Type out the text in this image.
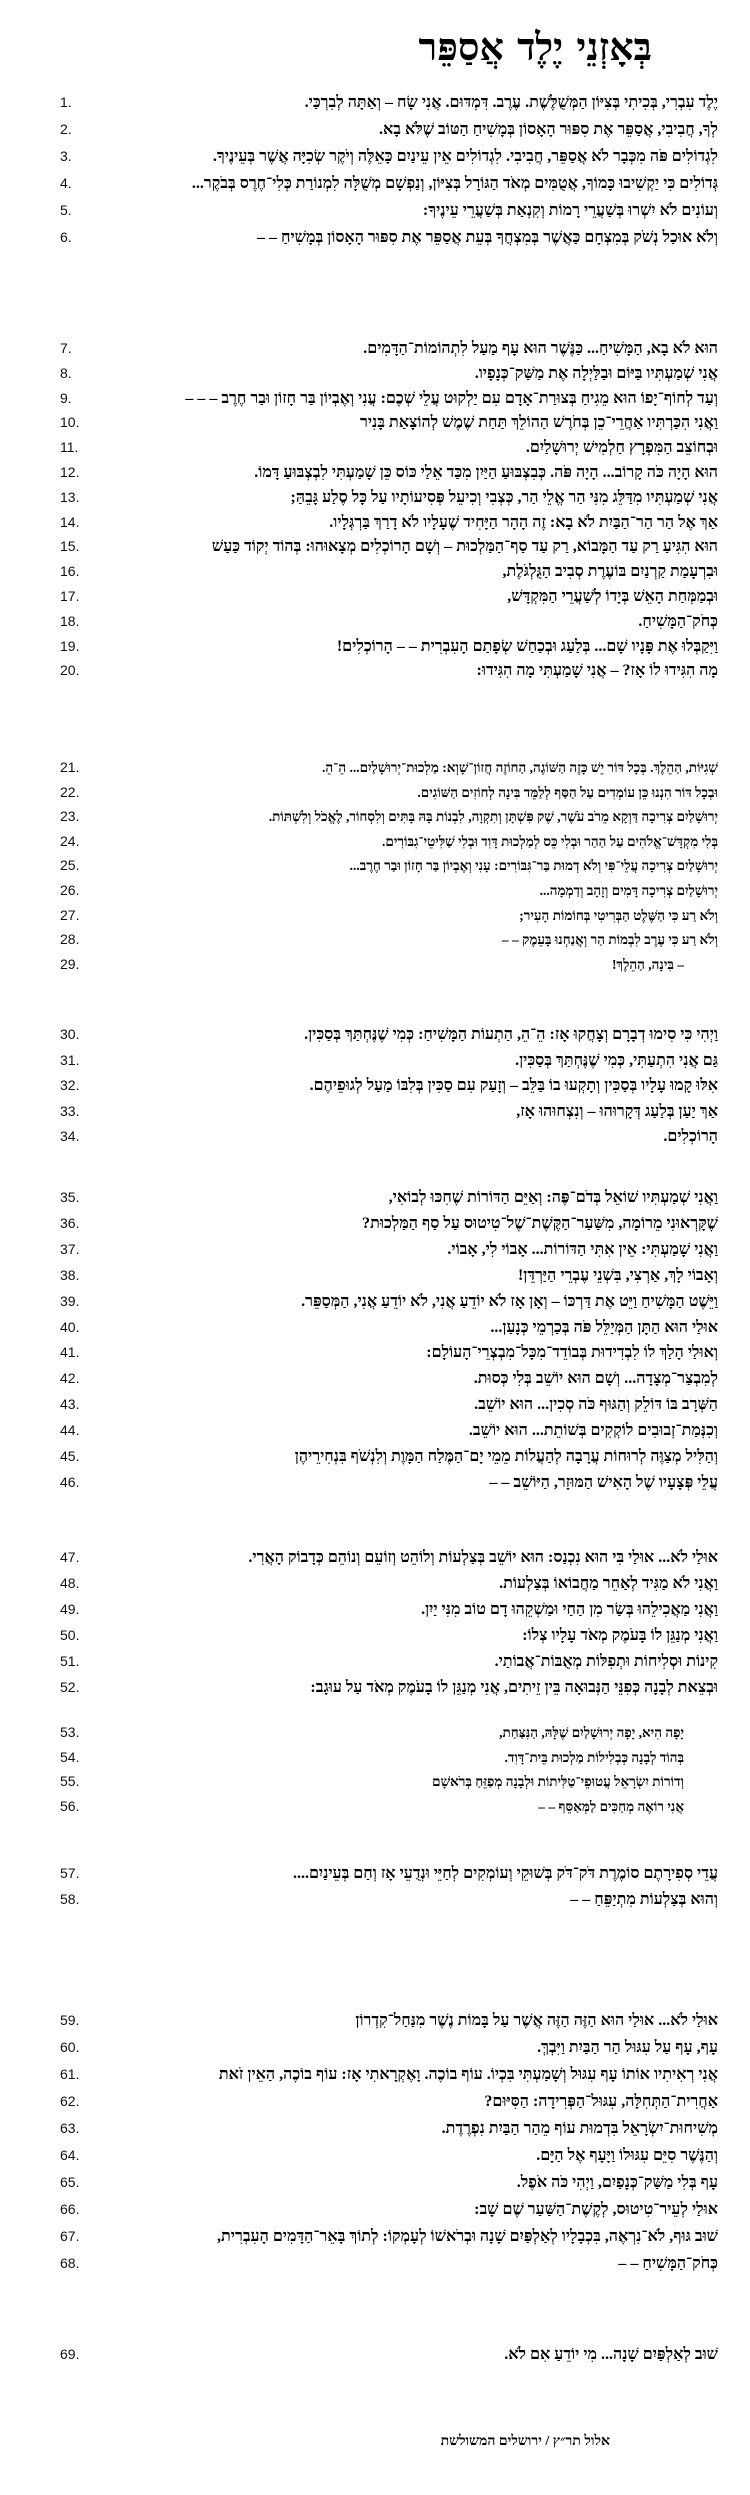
בְּאָזְנֵי יֶלֶד אֲסַפֵּר
1.	יֶלֶד עִבְרִי, בְּכִיתִי בְּצִיּוֹן הַמְּשֻׁלֶּשֶׁת. עֶרֶב. דִּמְדּוּם. אֲנִי שָׂח – וְאַתָּה לְבִרְכַּי.
2.	לְךָ, חֲבִיבִי, אֲסַפֵּר אֶת סִפּוּר הָאָסוֹן בְּמָשִׁיחַ הַטּוֹב שֶׁלֹּא בָא.
3.	לִגְדוֹלִים פֹּה מִכְּבָר לֹא אֲסַפֵּר, חֲבִיבִי. לִגְדוֹלִים אֵין עֵינַיִם כָּאֵלֶּה וְיֹקֶר שְׂכִיָּה אֲשֶׁר בְּעֵינֶיךָ.
4.	גְּדוֹלִים כִּי יַקְשִׁיבוּ כָּמוֹךָ, אֲטֻמִּים מְאֹד הַגּוֹרָל בְּצִיּוֹן, וְנַפְשָׁם מְשֻׁלָּה לִמְנוֹרַת כְּלִי־חֶרֶס בְּבֹקֶר...
5.	וְעוֹנִים לֹא יִשְׁרוּ בְּשַׁעֲרֵי רָמוֹת וְקִנְאַת בְּשַׁעֲרֵי עֵינֶיךָ:
6.	וְלֹא אוּכַל נְשֹׁק בְּמִצְחָם כַּאֲשֶׁר בְּמִצְחֲךָ בְּעֵת אֲסַפֵּר אֶת סִפּוּר הָאָסוֹן בְּמָשִׁיחַ – –
7.	הוּא לֹא בָא, הַמָּשִׁיחַ... כַּנֶּשֶׁר הוּא עָף מַעַל לִתְהוֹמוֹת־הַדָּמִים.
8.	אֲנִי שְׁמַעְתִּיו בַּיּוֹם וּבַלַּיְלָה אֶת מַשַּׁק־כְּנָפָיו.
9.	וְעַד לְחוֹף־יָפוֹ הוּא מֵגִיחַ בְּצוּרַת־אָדָם עִם יַלְקוּט עֲלֵי שְׁכֶם: עֲנִי וְאֶבְיוֹן בַּר חָזוֹן וּבַר חֶרֶב – – –
10.	וַאֲנִי הִכַּרְתִּיו אַחֲרֵי־כֵן בְּחֹרֶשׁ הַהוֹלֵךְ תַּחַת שֶׁמֶשׁ לְהוֹצָאַת בָּנִיר
11.	וּבְחוֹצֵב הַמִּפְרָץ חַלְמִישׁ יְרוּשָׁלַיִם.
12.	הוּא הָיָה כֹּה קָרוֹב... הָיָה פֹּה. כְּבִצְבּוּעַ הַיַּיִן מִכַּד אֵלַי כּוֹס כֵּן שָׁמַעְתִּי לִבְצְבּוּעַ דָּמוֹ.
13.	אֲנִי שְׁמַעְתִּיו מִדַּלֵּג מִנִּי הַר אֱלֵי הַר, כְּצְבִי וְכִיעֵל פְּסִיעוֹתָיו עַל כָּל סֶלַע גָּבֵהַּ;
14.	אַךְ אֶל הַר הַר־הַבַּיִת לֹא בָא: זֶה הָהָר הַיָּחִיד שֶׁעָלָיו לֹא דָרַךְ בַּרְגְּלָיו.
15.	הוּא הִגִּיעַ רַק עַד הַמָּבוֹא, רַק עַד סַף־הַמַּלְכוּת – וְשָׁם הָרוֹכְלִים מְצָאוּהוּ: בְּהוֹד יְקוֹד כַּעַשׁ
16.	וּבִרְעָמַת קַרְנַיִם בּוֹעֶרֶת סְבִיב הַגֻּלְגֹּלֶת,
17.	וּבְמַמְּחַת הָאֵשׁ בְּיָדוֹ לְשַׁעֲרֵי הַמִּקְדָּשׁ,
18.	כְּחֹק־הַמָּשִׁיחַ.
19.	וַיִּקַבְּלוּ אֶת פָּנָיו שָׁם... בְּלַעַג וּבְכַחַשׁ שְׂפָתַם הָעִבְרִית – – הָרוֹכְלִים!
20.	מָה הִגִּידוּ לוֹ אָז? – אֲנִי שָׁמַעְתִּי מָה הִגִּידוּ:
21.	שְׁגִיּוֹת, הַהֵלֶךְ. בְּכָל דּוֹר יֵשׁ כָּזֶה הַשּׁוֹגֶה, הַחוֹזֶה חֲזוֹן־שָׁוְא: מַלְכוּת־יְרוּשָׁלַיִם... הֵ־הֵ.
22.	וּבְכָל דּוֹר הִנְנוּ כֵּן עוֹמְדִים עַל הַסַּף לְלַמֵּד בִּינָה לְחוֹזִים הַשּׁוֹגִים.
23.	יְרוּשָׁלַיִם צְרִיכָה דַּוְקָא מֵרֹב עֹשֶׁר, שֶׁק פִּשְׁתָּן וְתִקְוָה, לִבְנוֹת בָּהּ בָּתִּים וְלִסְחוֹר, לֶאֱכֹל וְלִשְׁתּוֹת.
24.	בְּלִי מִקְדָּשׁ־אֱלֹהִים עַל הַהַר וּבְלִי כֵּס לְמַלְכוּת דָּוִד וּבְלִי שַׁלִּיטֵי־גִבּוֹרִים.
25.	יְרוּשָׁלַיִם צְרִיכָה עֲלֵי־פִּי וְלֹא דְמוּת בַּר־גִּבּוֹרִים: עָנִי וְאֶבְיוֹן בַּר חָזוֹן וּבַר חֶרֶב...
26.	יְרוּשָׁלַיִם צְרִיכָה דָּמִים וְזָהָב וְדַמְמָה...
27.	וְלֹא רַע כִּי הַשֶּׁלֶט הַבְּרִיטִי בְּחוֹמוֹת הָעִיר;
28.	וְלֹא רַע כִּי עֶרֶב לִבְמוֹת הַר וְאֲנַחְנוּ בָּעֵמֶק – –
29.	– בִּינָה, הַהֵלֶךְ!
30.	וַיְהִי כִּי סִימוּ דְבָרָם וְצָחֲקוּ אָז: הֵ־הֵ, הַתְעוֹת הַמָּשִׁיחַ: כְּמִי שֶׁנֶּחְתַּךְ בְּסַכִּין.
31.	גַּם אֲנִי הִתְעַתִּי, כְּמִי שֶׁנֶּחְתַּךְ בְּסַכִּין.
32.	אִלּוּ קָמוּ עָלָיו בְּסַכִּין וְתָקְעוּ בוֹ בַּלֵּב – וְזָעַק עִם סַכִּין בְּלִבּוֹ מַעַל לְגוּפֵיהֶם.
33.	אַךְ יַעַן בְּלַעַג דְּקָרוּהוּ – וְנִצְחוּהוּ אָז,
34.	הָרוֹכְלִים.
35.	וַאֲנִי שְׁמַעְתִּיו שׁוֹאֵל בְּדֹם־פֶּה: וְאַיֵּם הַדּוֹרוֹת שֶׁחִכּוּ לְבוֹאִי,
36.	שֶׁקָּרְאוּנִי מֵרוֹמָה, מִשַּׁעַר־הַקֶּשֶׁת־שֶׁל־טִיטוּס עַל סַף הַמַּלְכוּת?
37.	וַאֲנִי שָׁמַעְתִּי: אֵין אִתִּי הַדּוֹרוֹת... אָבוֹי לִי, אָבוֹי.
38.	וְאָבוֹי לָךְ, אַרְצִי, בִּשְׁנֵי עֶבְרֵי הַיַּרְדֵּן!
39.	וַיֵּשֶׁט הַמָּשִׁיחַ וַיֵּט אֶת דַּרְכּוֹ – וְאָן אָז לֹא יוֹדֵעַ אֲנִי, לֹא יוֹדֵעַ אֲנִי, הַמְּסַפֵּר.
40.	אוּלַי הוּא הַתָּן הַמְּיַלֵּל פֹּה בְּכַרְמֵי כְּנָעַן...
41.	וְאוּלַי הָלַךְ לוֹ לִבְדִידוּת בְּבוֹדֵד־מִכָּל־מִבְצְרֵי־הָעוֹלָם:
42.	לְמִבְצַר־מְצָדָה... וְשָׁם הוּא יוֹשֵׁב בְּלִי כְּסוּת.
43.	הַשְּׁרָב בּוֹ דּוֹלֵק וְהַגּוּף כֹּה סְכִין... הוּא יוֹשֵׁב.
44.	וְכִנְּמַת־זְבוּבִים לוֹקְקִים בְּשׁוֹתֵת... הוּא יוֹשֵׁב.
45.	וְהַלִּיל מְצַוֶּה לְרוּחוֹת עֲרָבָה לְהַעֲלוֹת מֵמֵי יָם־הַמֶּלַח הַמָּוֶת וְלִנְשֹׁף בִּנְחִירֵיהֶן
46.	עֲלֵי פְּצָעָיו שֶׁל הָאִישׁ הַמּוּזָר, הַיּוֹשֵׁב – –
47.	אוּלַי לֹא... אוּלַי בִּי הוּא נִכְנַס: הוּא יוֹשֵׁב בְּצַלְעוֹת וְלוֹהֵט וְזוֹעֵם וְנוֹהֵם כְּדָבוֹק הָאֲרִי.
48.	וַאֲנִי לֹא מַגִּיד לְאַחֵר מַחֲבוֹאוֹ בְּצַלְעוֹת.
49.	וַאֲנִי מַאֲכִילֵהוּ בְּשַׂר מִן הַחַי וּמַשְׁקֵהוּ דָם טוֹב מִנִּי יַיִן.
50.	וַאֲנִי מְנַגֵּן לוֹ בָּעֹמֶק מְאֹד עָלָיו צְלוֹ:
51.	קִינוֹת וּסְלִיחוֹת וּתְפִלּוֹת מְאֻבּוֹת־אֲבוֹתַי.
52.	וּבְצֵאת לְבָנָה כְּפִנֵּי הַנְּבוּאָה בֵּין זֵיתִים, אֲנִי מְנַגֵּן לוֹ בָעֹמֶק מְאֹד עַל עוּגָב:
53.	יָפָה הִיא, יָפָה יְרוּשָׁלַיִם שֶׁלָּהּ, הַנִּצַּחַת,
54.	בְּהוֹד לְבָנָה כְּבְלִילוֹת מַלְכוּת בֵּית־דָּוִד.
55.	וְדוֹרוֹת יִשְׂרָאֵל עֲטוּפֵי־טַלִּיתוֹת וּלְבָנָה מְפַזֵּחַ בְּרֹאשָׁם
56.	אֲנִי רוֹאֶה מְחַכִּים לַמְּאַסֵּף – –
57.	עֲדֵי סְפִירָתֶם סוֹמֶרֶת דֹּק־דֹּק בְּשׁוּקֵי וְעוֹמְקִים לְחַיֵּי וּנְדֻעֵי אָז וְחַם בְּעֵינַיִם....
58.	וְהוּא בְּצַלְעוֹת מִתְיַפֵּחַ – –
59.	אוּלַי לֹא... אוּלַי הוּא הַזֶּה הַזֶּה אֲשֶׁר עַל בָּמוֹת נֶשֶׁר מִנַּחַל־קִדְרוֹן
60.	עָף, עָף עַל עִגּוּל הַר הַבַּיִת וַיִּבְךְּ.
61.	אֲנִי רְאִיתִיו אוֹתוֹ עָף עִגּוּל וְשָׁמַעְתִּי בִּכְיוֹ. עוֹף בוֹכֶה. וָאֶקְרָאתִי אָז: עוֹף בוֹכֶה, הַאֵין זֹאת
62.	אַחֲרִית־הַתְּחִלָּה, עִגּוּל־הַפְּרִידָה: הַסִּיּוּם?
63.	מְשִׁיחוּת־יִשְׂרָאֵל בִּדְמוּת עוֹף מֵהַר הַבַּיִת נִפְרֶדֶת.
64.	וְהַנֶּשֶׁר סִיֵּם עִגּוּלוֹ וַיָּעָף אֶל הַיָּם.
65.	עָף בְּלִי מַשַּׁק־כְּנָפַיִם, וַיְהִי כֹּה אֹפֶל.
66.	אוּלַי לְעֵיר־טִיטוּס, לְקֶשֶׁת־הַשַּׁעַר שֶׁם שָׁב:
67.	שׁוּב גּוּף, לֹא־נִרְאֶה, בִּכְבָלָיו לְאַלְפַּיִם שָׁנָה וּבְרֹאשׁוֹ לְעָמְקוֹ: לְתוֹךְ בָּאֵר־הַדָּמִים הָעִבְרִית,
68.	כְּחֹק־הַמָּשִׁיחַ – –
69.	שׁוּב לְאַלְפַּיִם שָׁנָה... מִי יוֹדֵעַ אִם לֹא.
אלול תר״ץ / ירושלים המשולשת
